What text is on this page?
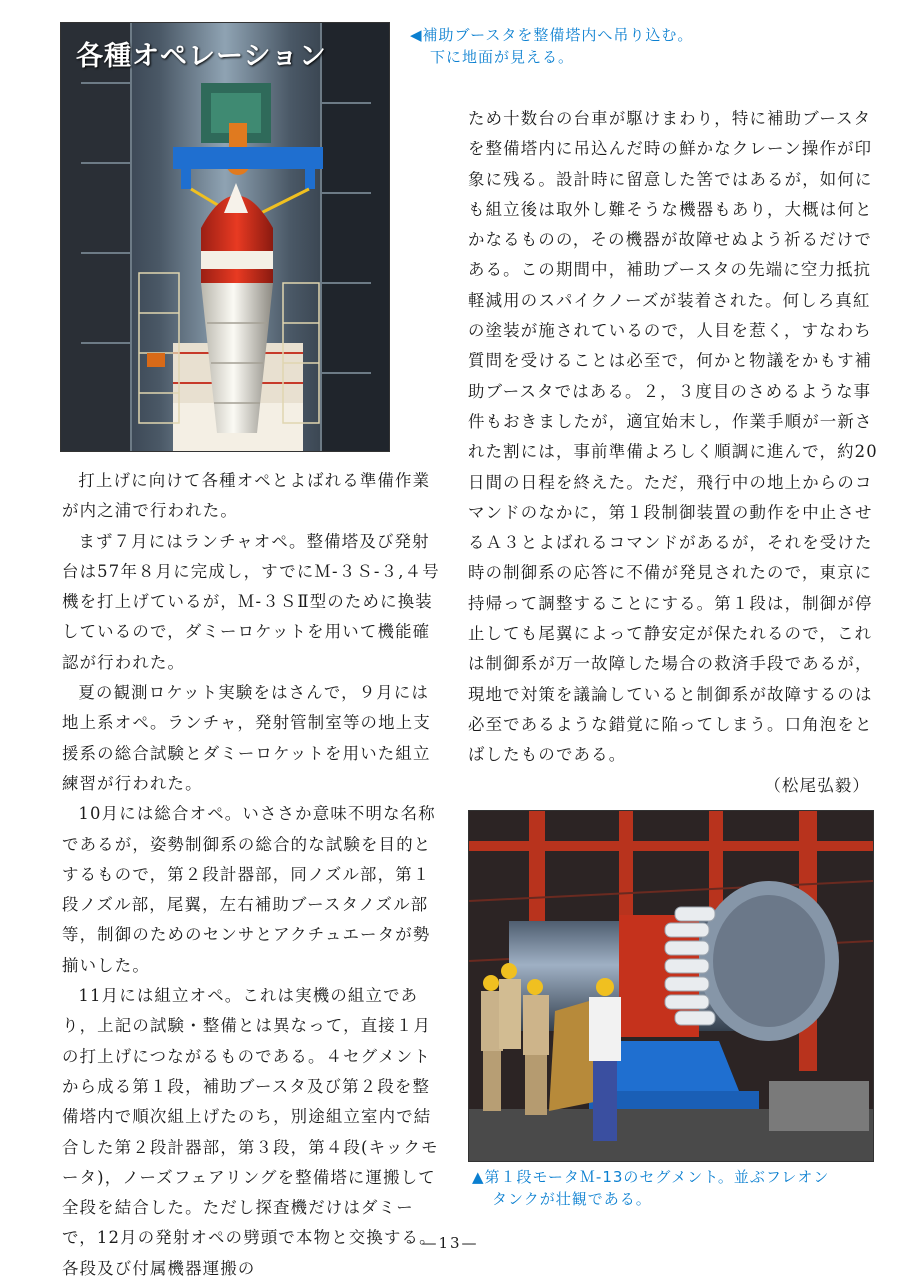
各種オペレーション
◀補助ブースタを整備塔内へ吊り込む。
下に地面が見える。

ため十数台の台車が駆けまわり，特に補助ブースタを整備塔内に吊込んだ時の鮮かなクレーン操作が印象に残る。設計時に留意した筈ではあるが，如何にも組立後は取外し難そうな機器もあり，大概は何とかなるものの，その機器が故障せぬよう祈るだけである。この期間中，補助ブースタの先端に空力抵抗軽減用のスパイクノーズが装着された。何しろ真紅の塗装が施されているので，人目を惹く，すなわち質問を受けることは必至で，何かと物議をかもす補助ブースタではある。２，３度目のさめるような事件もおきましたが，適宜始末し，作業手順が一新された割には，事前準備よろしく順調に進んで，約20日間の日程を終えた。ただ，飛行中の地上からのコマンドのなかに，第１段制御装置の動作を中止させるＡ３とよばれるコマンドがあるが，それを受けた時の制御系の応答に不備が発見されたので，東京に持帰って調整することにする。第１段は，制御が停止しても尾翼によって静安定が保たれるので，これは制御系が万一故障した場合の救済手段であるが，現地で対策を議論していると制御系が故障するのは必至であるような錯覚に陥ってしまう。口角泡をとばしたものである。
（松尾弘毅）

打上げに向けて各種オペとよばれる準備作業が内之浦で行われた。

まず７月にはランチャオペ。整備塔及び発射台は57年８月に完成し，すでにＭ-３Ｓ-３,４号機を打上げているが，Ｍ-３ＳⅡ型のために換装しているので，ダミーロケットを用いて機能確認が行われた。

夏の観測ロケット実験をはさんで，９月には地上系オペ。ランチャ，発射管制室等の地上支援系の総合試験とダミーロケットを用いた組立練習が行われた。

10月には総合オペ。いささか意味不明な名称であるが，姿勢制御系の総合的な試験を目的とするもので，第２段計器部，同ノズル部，第１段ノズル部，尾翼，左右補助ブースタノズル部等，制御のためのセンサとアクチュエータが勢揃いした。

11月には組立オペ。これは実機の組立であり，上記の試験・整備とは異なって，直接１月の打上げにつながるものである。４セグメントから成る第１段，補助ブースタ及び第２段を整備塔内で順次組上げたのち，別途組立室内で結合した第２段計器部，第３段，第４段(キックモータ)，ノーズフェアリングを整備塔に運搬して全段を結合した。ただし探査機だけはダミーで，12月の発射オペの劈頭で本物と交換する。各段及び付属機器運搬の

▲第１段モータＭ-13のセグメント。並ぶフレオン
タンクが壮観である。
—13—
